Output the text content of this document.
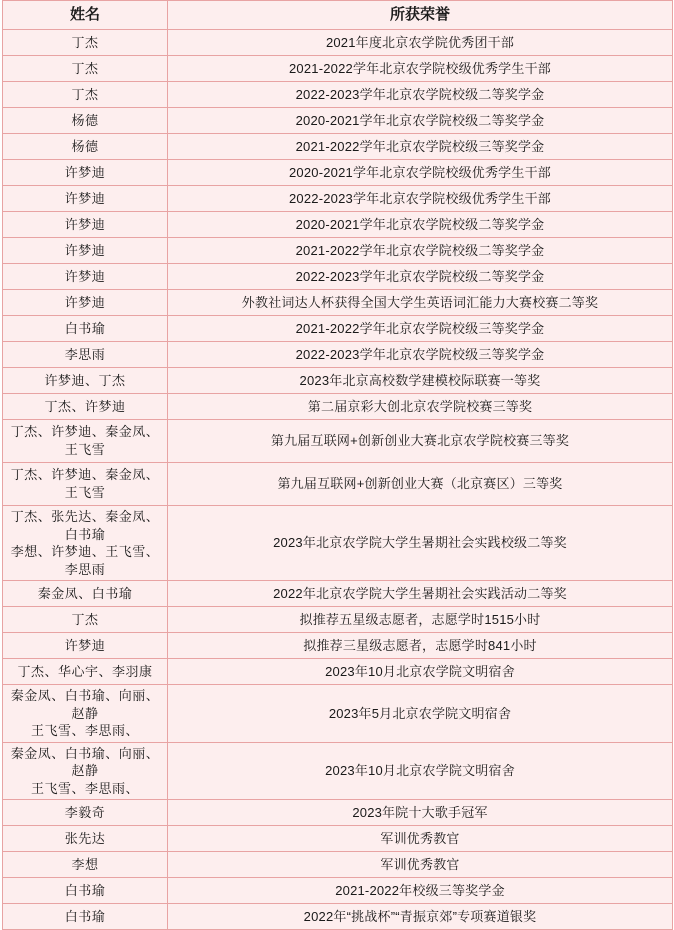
姓名	所获荣誉
丁杰	2021年度北京农学院优秀团干部
丁杰	2021-2022学年北京农学院校级优秀学生干部
丁杰	2022-2023学年北京农学院校级二等奖学金
杨德	2020-2021学年北京农学院校级二等奖学金
杨德	2021-2022学年北京农学院校级三等奖学金
许梦迪	2020-2021学年北京农学院校级优秀学生干部
许梦迪	2022-2023学年北京农学院校级优秀学生干部
许梦迪	2020-2021学年北京农学院校级二等奖学金
许梦迪	2021-2022学年北京农学院校级二等奖学金
许梦迪	2022-2023学年北京农学院校级二等奖学金
许梦迪	外教社词达人杯获得全国大学生英语词汇能力大赛校赛二等奖
白书瑜	2021-2022学年北京农学院校级三等奖学金
李思雨	2022-2023学年北京农学院校级三等奖学金
许梦迪、丁杰	2023年北京高校数学建模校际联赛一等奖
丁杰、许梦迪	第二届京彩大创北京农学院校赛三等奖
丁杰、许梦迪、秦金凤、王飞雪	第九届互联网+创新创业大赛北京农学院校赛三等奖
丁杰、许梦迪、秦金凤、王飞雪	第九届互联网+创新创业大赛（北京赛区）三等奖
丁杰、张先达、秦金凤、白书瑜
李想、许梦迪、王飞雪、李思雨	2023年北京农学院大学生暑期社会实践校级二等奖
秦金凤、白书瑜	2022年北京农学院大学生暑期社会实践活动二等奖
丁杰	拟推荐五星级志愿者，志愿学时1515小时
许梦迪	拟推荐三星级志愿者，志愿学时841小时
丁杰、华心宇、李羽康	2023年10月北京农学院文明宿舍
秦金凤、白书瑜、向丽、赵静
王飞雪、李思雨、	2023年5月北京农学院文明宿舍
秦金凤、白书瑜、向丽、赵静
王飞雪、李思雨、	2023年10月北京农学院文明宿舍
李毅奇	2023年院十大歌手冠军
张先达	军训优秀教官
李想	军训优秀教官
白书瑜	2021-2022年校级三等奖学金
白书瑜	2022年“挑战杯”“青振京郊”专项赛道银奖
